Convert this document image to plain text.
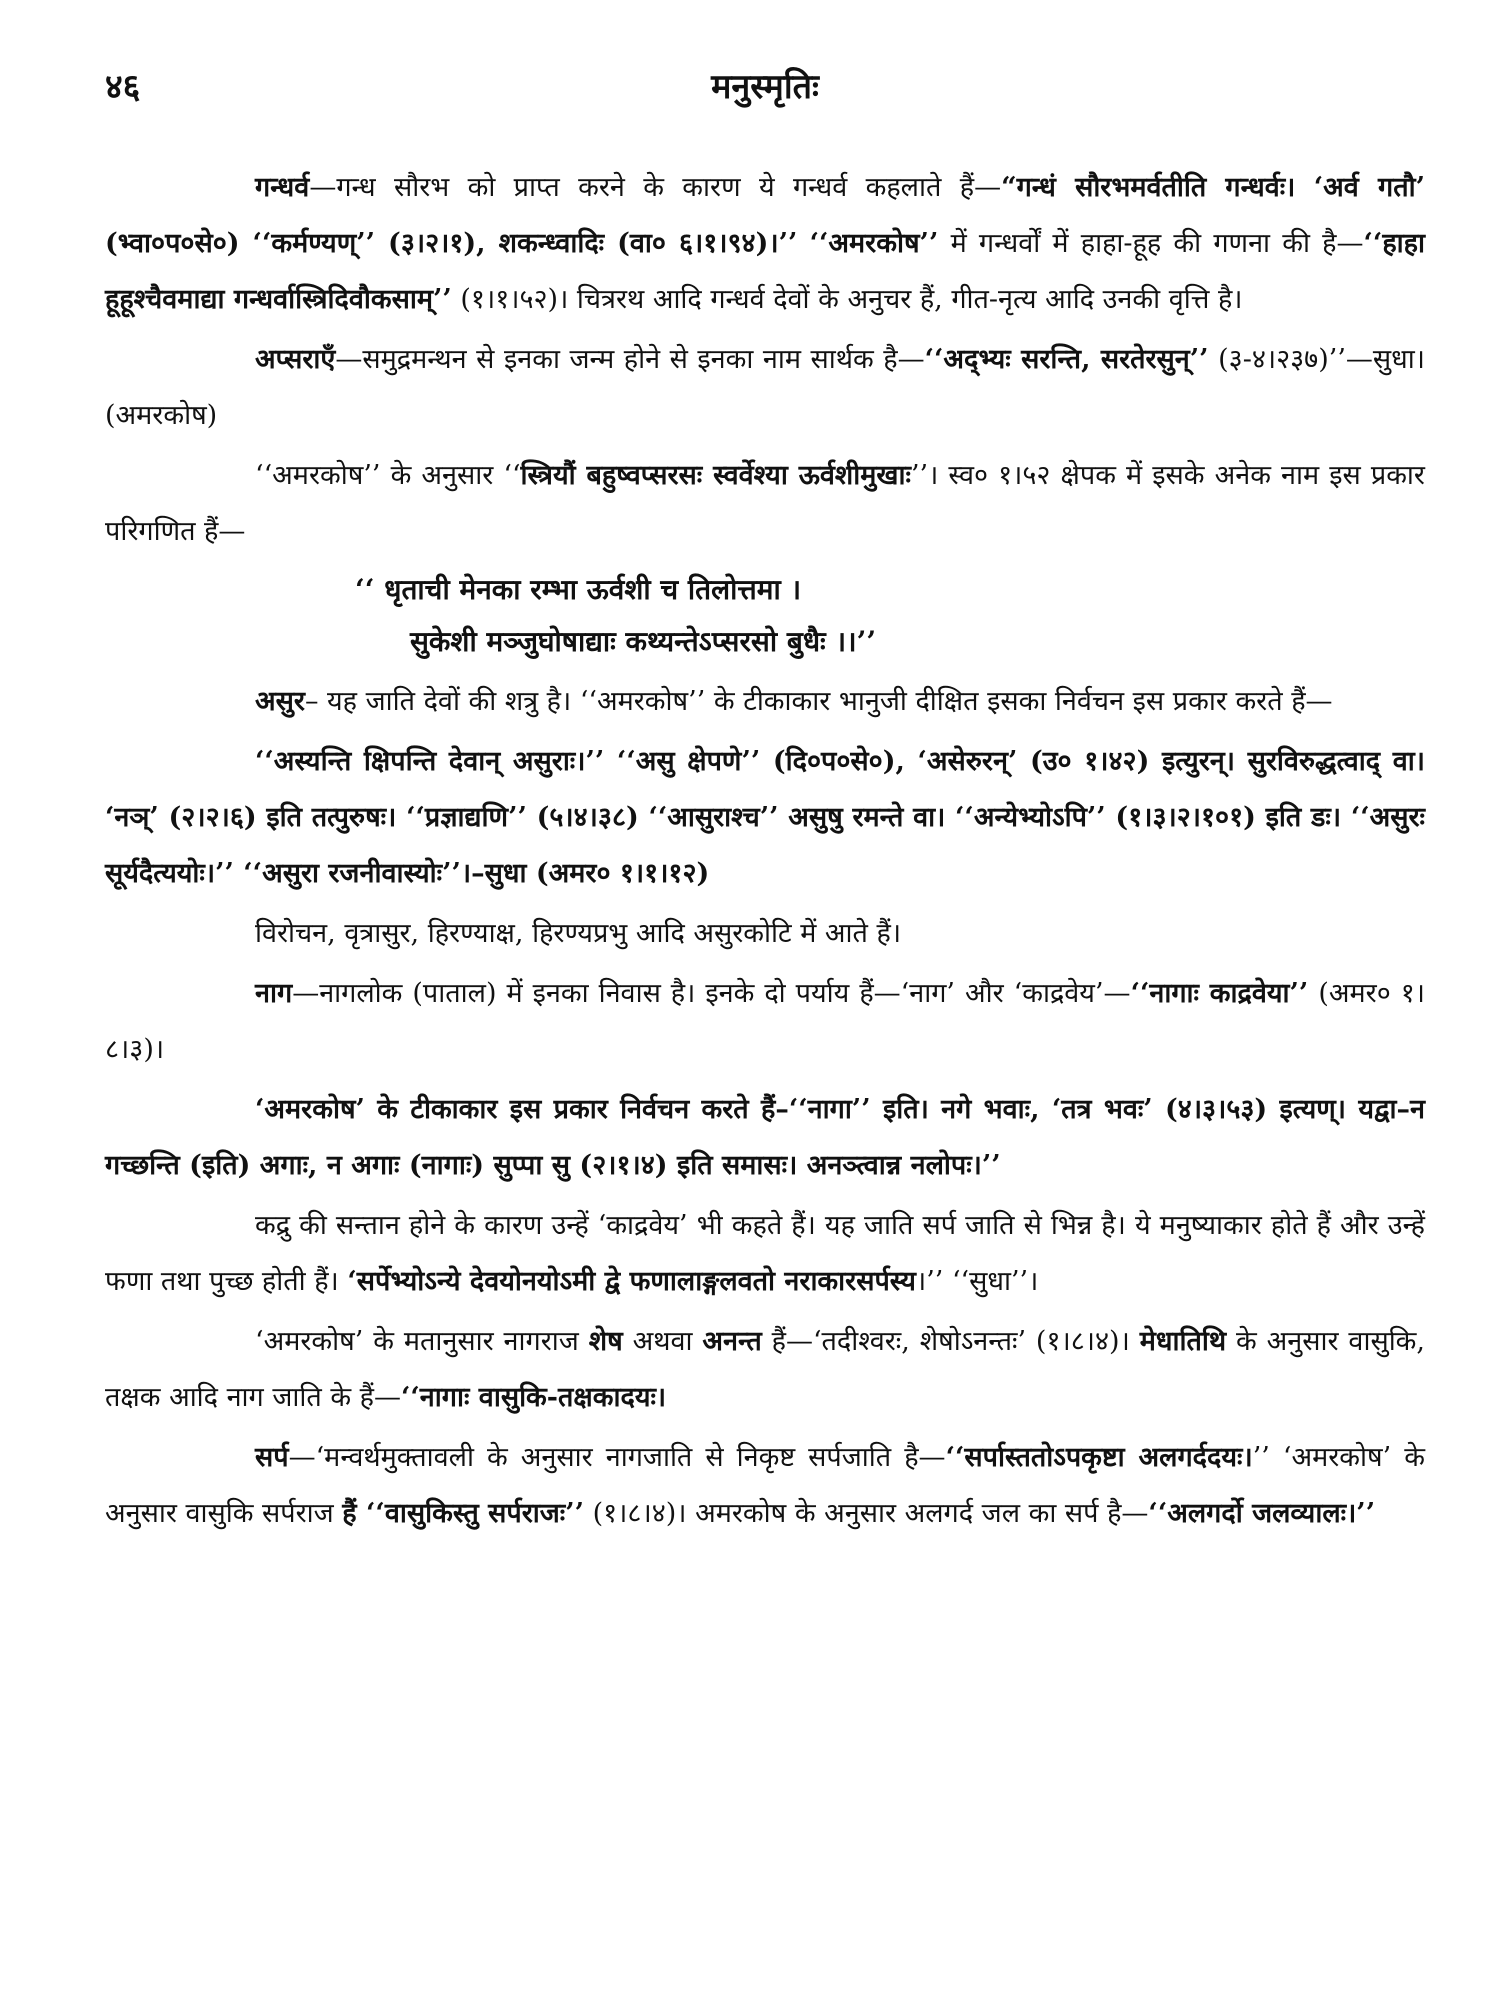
४६	मनुस्मृतिः

गन्धर्व—गन्ध सौरभ को प्राप्त करने के कारण ये गन्धर्व कहलाते हैं—“गन्धं सौरभमर्वतीति गन्धर्वः। ‘अर्व गतौ’ (भ्वा०प०से०) ‘‘कर्मण्यण्’’ (३।२।१), शकन्ध्वादिः (वा० ६।१।९४)।’’ ‘‘अमरकोष’’ में गन्धर्वों में हाहा-हूह की गणना की है—‘‘हाहा हूहूश्चैवमाद्या गन्धर्वास्त्रिदिवौकसाम्’’ (१।१।५२)। चित्ररथ आदि गन्धर्व देवों के अनुचर हैं, गीत-नृत्य आदि उनकी वृत्ति है।

अप्सराएँ—समुद्रमन्थन से इनका जन्म होने से इनका नाम सार्थक है—‘‘अद्भ्यः सरन्ति, सरतेरसुन्’’ (३-४।२३७)’’—सुधा। (अमरकोष)

‘‘अमरकोष’’ के अनुसार ‘‘स्त्रियौं बहुष्वप्सरसः स्वर्वेश्या ऊर्वशीमुखाः’’। स्व० १।५२ क्षेपक में इसके अनेक नाम इस प्रकार परिगणित हैं—

‘‘ धृताची मेनका रम्भा ऊर्वशी च तिलोत्तमा ।
सुकेशी मञ्जुघोषाद्याः कथ्यन्तेऽप्सरसो बुधैः ।।’’

असुर– यह जाति देवों की शत्रु है। ‘‘अमरकोष’’ के टीकाकार भानुजी दीक्षित इसका निर्वचन इस प्रकार करते हैं—

‘‘अस्यन्ति क्षिपन्ति देवान् असुराः।’’ ‘‘असु क्षेपणे’’ (दि०प०से०), ‘असेरुरन्’ (उ० १।४२) इत्युरन्। सुरविरुद्धत्वाद् वा। ‘नञ्’ (२।२।६) इति तत्पुरुषः। ‘‘प्रज्ञाद्यणि’’ (५।४।३८) ‘‘आसुराश्च’’ असुषु रमन्ते वा। ‘‘अन्येभ्योऽपि’’ (१।३।२।१०१) इति डः। ‘‘असुरः सूर्यदैत्ययोः।’’ ‘‘असुरा रजनीवास्योः’’।–सुधा (अमर० १।१।१२)

विरोचन, वृत्रासुर, हिरण्याक्ष, हिरण्यप्रभु आदि असुरकोटि में आते हैं।

नाग—नागलोक (पाताल) में इनका निवास है। इनके दो पर्याय हैं—‘नाग’ और ‘काद्रवेय’—‘‘नागाः काद्रवेया’’ (अमर० १।८।३)।

‘अमरकोष’ के टीकाकार इस प्रकार निर्वचन करते हैं–‘‘नागा’’ इति। नगे भवाः, ‘तत्र भवः’ (४।३।५३) इत्यण्। यद्वा–न गच्छन्ति (इति) अगाः, न अगाः (नागाः) सुप्पा सु (२।१।४) इति समासः। अनञ्त्वान्न नलोपः।’’

कद्रु की सन्तान होने के कारण उन्हें ‘काद्रवेय’ भी कहते हैं। यह जाति सर्प जाति से भिन्न है। ये मनुष्याकार होते हैं और उन्हें फणा तथा पुच्छ होती हैं। ‘सर्पेभ्योऽन्ये देवयोनयोऽमी द्वे फणालाङ्गलवतो नराकारसर्पस्य।’’ ‘‘सुधा’’।

‘अमरकोष’ के मतानुसार नागराज शेष अथवा अनन्त हैं—‘तदीश्वरः, शेषोऽनन्तः’ (१।८।४)। मेधातिथि के अनुसार वासुकि, तक्षक आदि नाग जाति के हैं—‘‘नागाः वासुकि-तक्षकादयः।

सर्प—‘मन्वर्थमुक्तावली के अनुसार नागजाति से निकृष्ट सर्पजाति है—‘‘सर्पास्ततोऽपकृष्टा अलगर्ददयः।’’ ‘अमरकोष’ के अनुसार वासुकि सर्पराज हैं ‘‘वासुकिस्तु सर्पराजः’’ (१।८।४)। अमरकोष के अनुसार अलगर्द जल का सर्प है—‘‘अलगर्दो जलव्यालः।’’
